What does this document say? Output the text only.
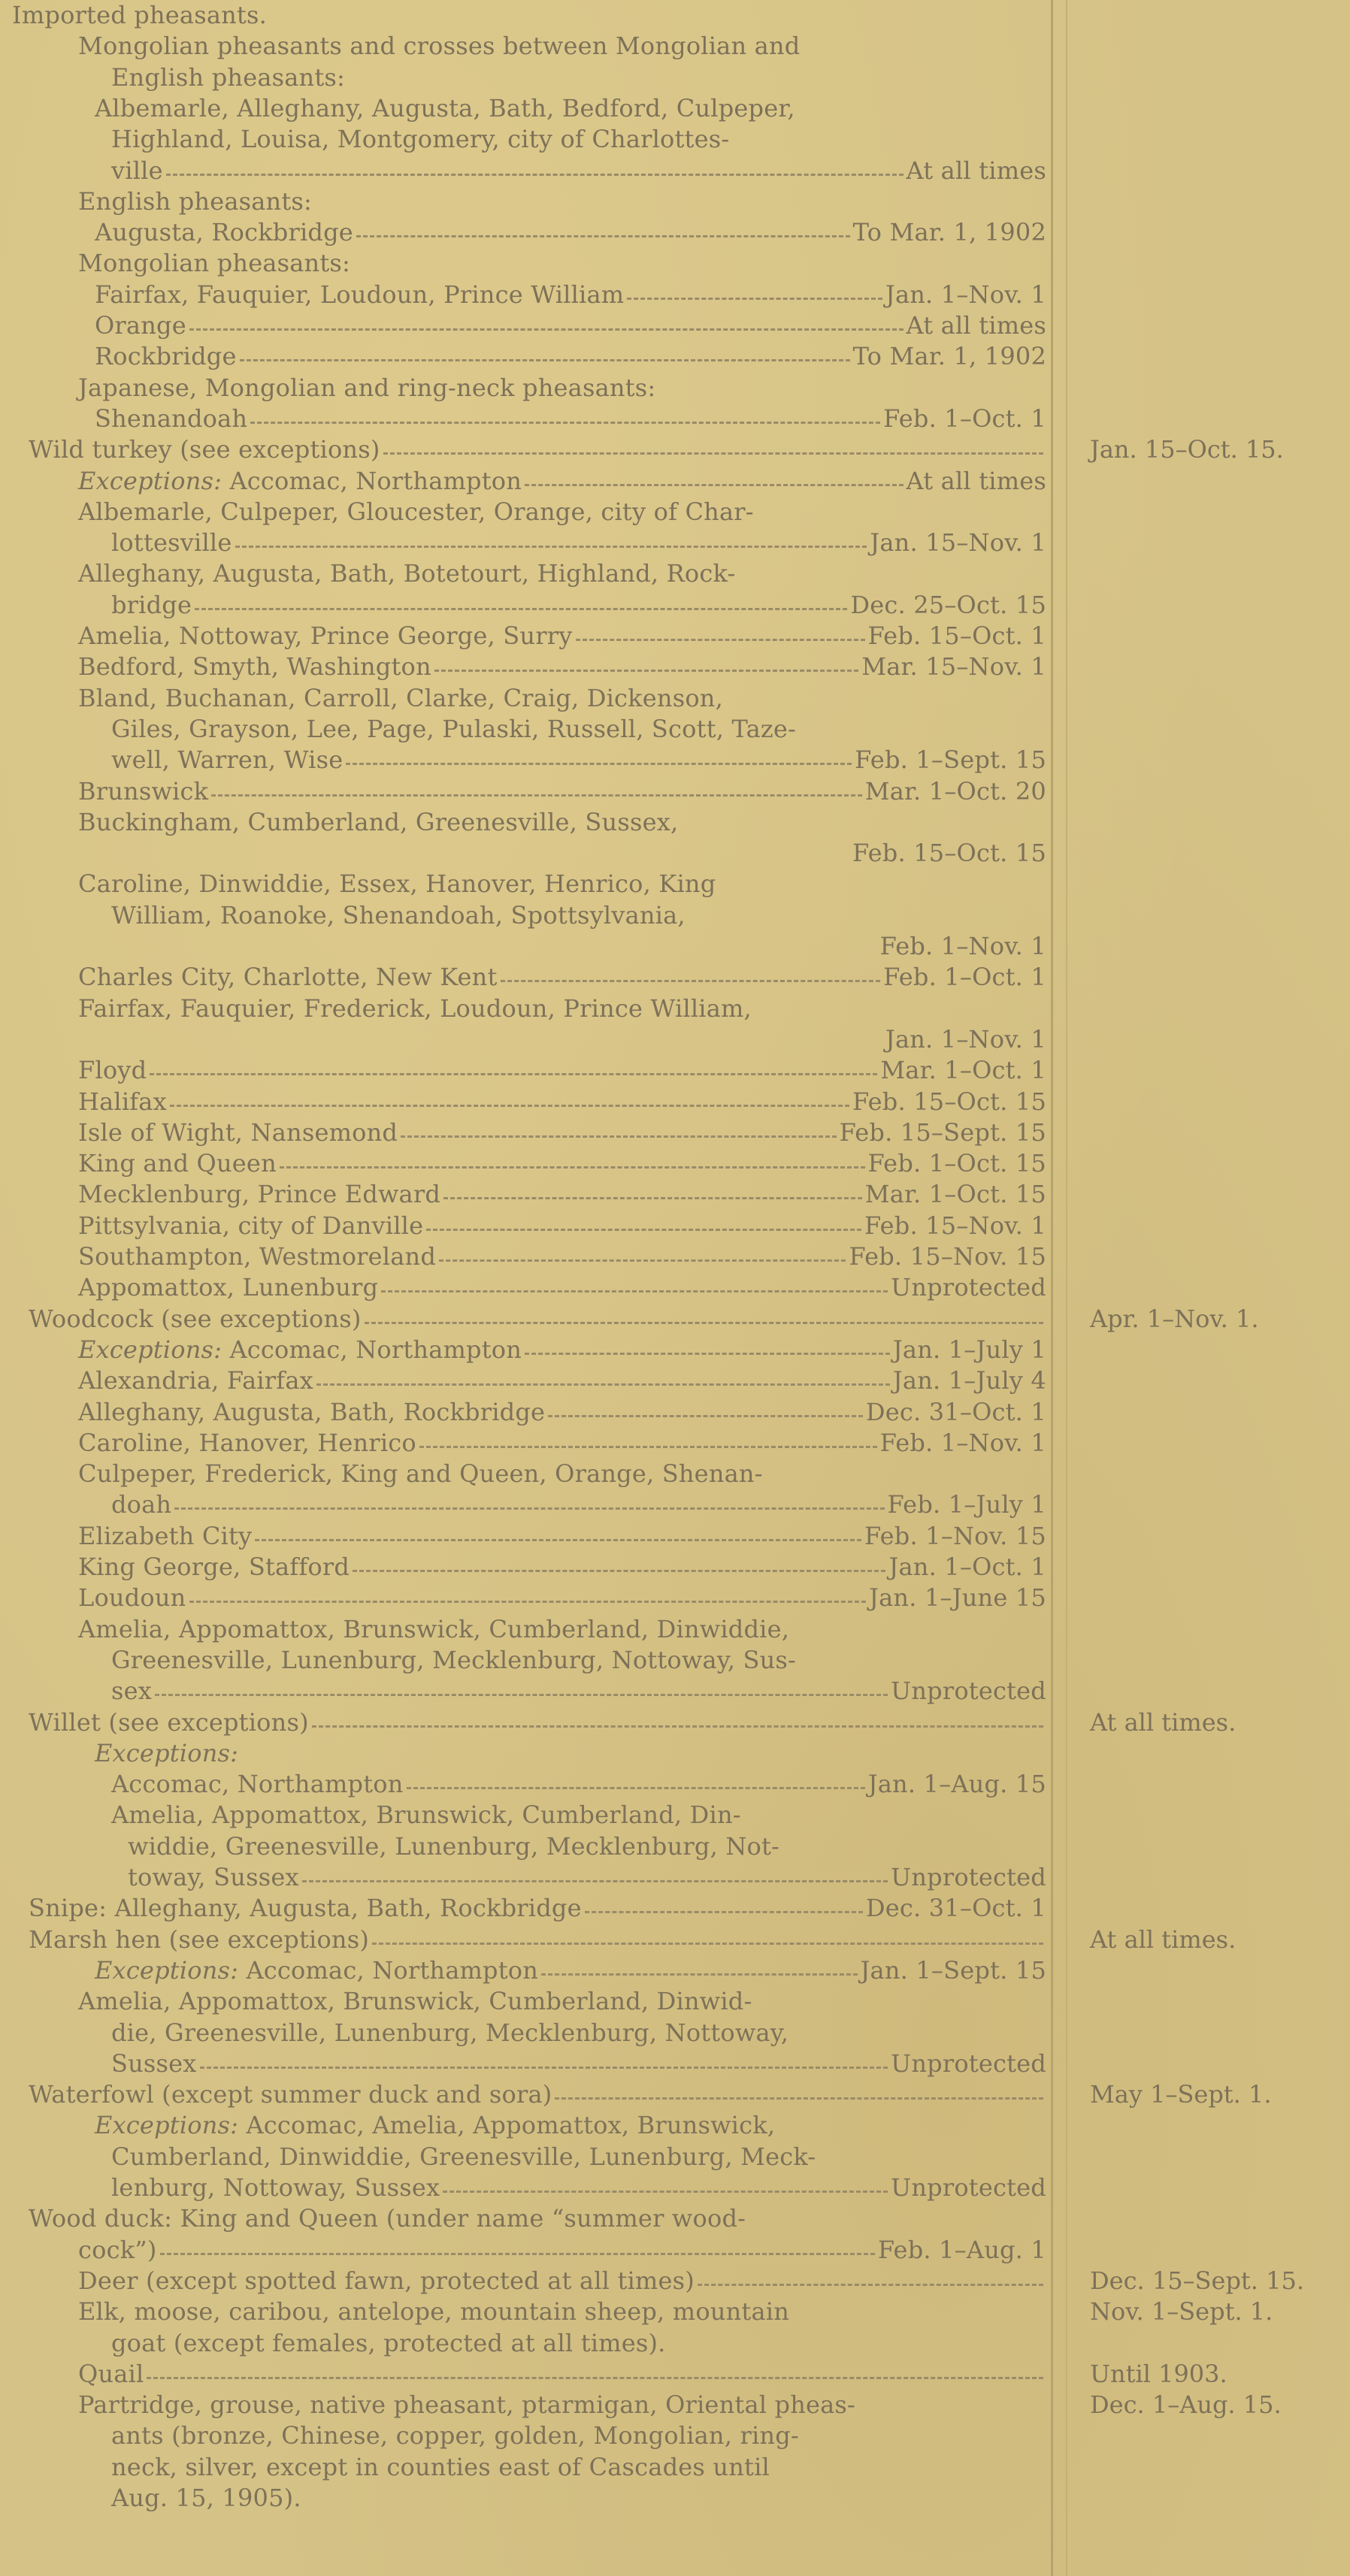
Imported pheasants.
Mongolian pheasants and crosses between Mongolian and
English pheasants:
Albemarle, Alleghany, Augusta, Bath, Bedford, Culpeper,
Highland, Louisa, Montgomery, city of Charlottes-
ville	At all times
English pheasants:
Augusta, Rockbridge	To Mar. 1, 1902
Mongolian pheasants:
Fairfax, Fauquier, Loudoun, Prince William	Jan. 1–Nov. 1
Orange	At all times
Rockbridge	To Mar. 1, 1902
Japanese, Mongolian and ring-neck pheasants:
Shenandoah	Feb. 1–Oct. 1
Wild turkey (see exceptions)	Jan. 15–Oct. 15.
Exceptions: Accomac, Northampton	At all times
Albemarle, Culpeper, Gloucester, Orange, city of Char-
lottesville	Jan. 15–Nov. 1
Alleghany, Augusta, Bath, Botetourt, Highland, Rock-
bridge	Dec. 25–Oct. 15
Amelia, Nottoway, Prince George, Surry	Feb. 15–Oct. 1
Bedford, Smyth, Washington	Mar. 15–Nov. 1
Bland, Buchanan, Carroll, Clarke, Craig, Dickenson,
Giles, Grayson, Lee, Page, Pulaski, Russell, Scott, Taze-
well, Warren, Wise	Feb. 1–Sept. 15
Brunswick	Mar. 1–Oct. 20
Buckingham, Cumberland, Greenesville, Sussex,
Feb. 15–Oct. 15
Caroline, Dinwiddie, Essex, Hanover, Henrico, King
William, Roanoke, Shenandoah, Spottsylvania,
Feb. 1–Nov. 1
Charles City, Charlotte, New Kent	Feb. 1–Oct. 1
Fairfax, Fauquier, Frederick, Loudoun, Prince William,
Jan. 1–Nov. 1
Floyd	Mar. 1–Oct. 1
Halifax	Feb. 15–Oct. 15
Isle of Wight, Nansemond	Feb. 15–Sept. 15
King and Queen	Feb. 1–Oct. 15
Mecklenburg, Prince Edward	Mar. 1–Oct. 15
Pittsylvania, city of Danville	Feb. 15–Nov. 1
Southampton, Westmoreland	Feb. 15–Nov. 15
Appomattox, Lunenburg	Unprotected
Woodcock (see exceptions)	Apr. 1–Nov. 1.
Exceptions: Accomac, Northampton	Jan. 1–July 1
Alexandria, Fairfax	Jan. 1–July 4
Alleghany, Augusta, Bath, Rockbridge	Dec. 31–Oct. 1
Caroline, Hanover, Henrico	Feb. 1–Nov. 1
Culpeper, Frederick, King and Queen, Orange, Shenan-
doah	Feb. 1–July 1
Elizabeth City	Feb. 1–Nov. 15
King George, Stafford	Jan. 1–Oct. 1
Loudoun	Jan. 1–June 15
Amelia, Appomattox, Brunswick, Cumberland, Dinwiddie,
Greenesville, Lunenburg, Mecklenburg, Nottoway, Sus-
sex	Unprotected
Willet (see exceptions)	At all times.
Exceptions:
Accomac, Northampton	Jan. 1–Aug. 15
Amelia, Appomattox, Brunswick, Cumberland, Din-
widdie, Greenesville, Lunenburg, Mecklenburg, Not-
toway, Sussex	Unprotected
Snipe: Alleghany, Augusta, Bath, Rockbridge	Dec. 31–Oct. 1
Marsh hen (see exceptions)	At all times.
Exceptions: Accomac, Northampton	Jan. 1–Sept. 15
Amelia, Appomattox, Brunswick, Cumberland, Dinwid-
die, Greenesville, Lunenburg, Mecklenburg, Nottoway,
Sussex	Unprotected
Waterfowl (except summer duck and sora)	May 1–Sept. 1.
Exceptions: Accomac, Amelia, Appomattox, Brunswick,
Cumberland, Dinwiddie, Greenesville, Lunenburg, Meck-
lenburg, Nottoway, Sussex	Unprotected
Wood duck: King and Queen (under name “summer wood-
cock”)	Feb. 1–Aug. 1
Deer (except spotted fawn, protected at all times)	Dec. 15–Sept. 15.
Elk, moose, caribou, antelope, mountain sheep, mountain	Nov. 1–Sept. 1.
goat (except females, protected at all times).
Quail	Until 1903.
Partridge, grouse, native pheasant, ptarmigan, Oriental pheas-	Dec. 1–Aug. 15.
ants (bronze, Chinese, copper, golden, Mongolian, ring-
neck, silver, except in counties east of Cascades until
Aug. 15, 1905).
